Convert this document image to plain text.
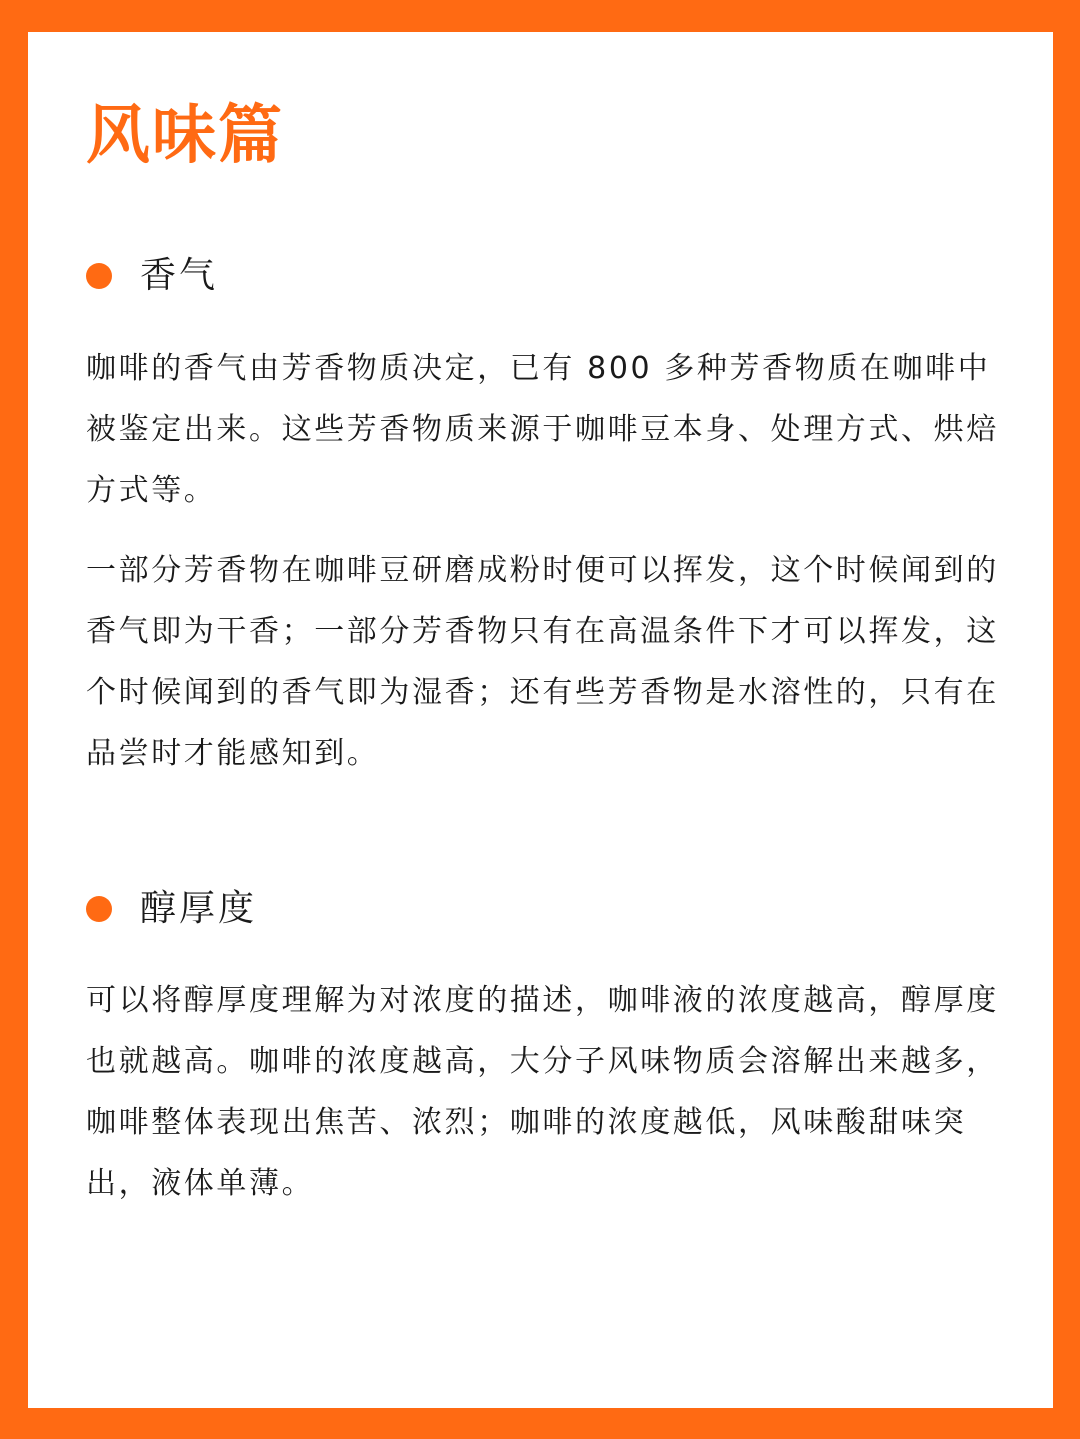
风味篇
香气

咖啡的香气由芳香物质决定，已有 800 多种芳香物质在咖啡中被鉴定出来。这些芳香物质来源于咖啡豆本身、处理方式、烘焙方式等。

一部分芳香物在咖啡豆研磨成粉时便可以挥发，这个时候闻到的香气即为干香；一部分芳香物只有在高温条件下才可以挥发，这个时候闻到的香气即为湿香；还有些芳香物是水溶性的，只有在品尝时才能感知到。

醇厚度

可以将醇厚度理解为对浓度的描述，咖啡液的浓度越高，醇厚度也就越高。咖啡的浓度越高，大分子风味物质会溶解出来越多，咖啡整体表现出焦苦、浓烈；咖啡的浓度越低，风味酸甜味突出，液体单薄。
